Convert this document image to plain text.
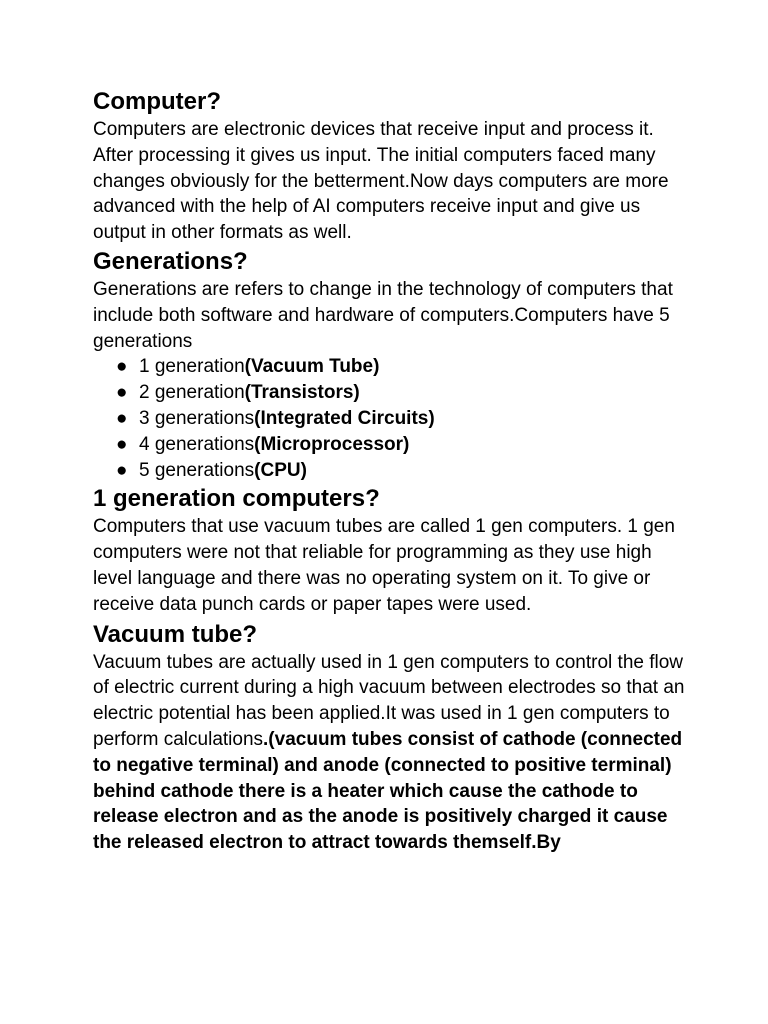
Computer?

Computers are electronic devices that receive input and process it. After processing it gives us input. The initial computers faced many changes obviously for the betterment.Now days computers are more advanced with the help of AI computers receive input and give us output in other formats as well.

Generations?

Generations are refers to change in the technology of computers that include both software and hardware of computers.Computers have 5 generations

● 1 generation(Vacuum Tube)
● 2 generation(Transistors)
● 3 generations(Integrated Circuits)
● 4 generations(Microprocessor)
● 5 generations(CPU)
1 generation computers?

Computers that use vacuum tubes are called 1 gen computers. 1 gen computers were not that reliable for programming as they use high level language and there was no operating system on it. To give or receive data punch cards or paper tapes were used.

Vacuum tube?

Vacuum tubes are actually used in 1 gen computers to control the flow of electric current during a high vacuum between electrodes so that an electric potential has been applied.It was used in 1 gen computers to perform calculations.(vacuum tubes consist of cathode (connected to negative terminal) and anode (connected to positive terminal) behind cathode there is a heater which cause the cathode to release electron and as the anode is positively charged it cause the released electron to attract towards themself.By
